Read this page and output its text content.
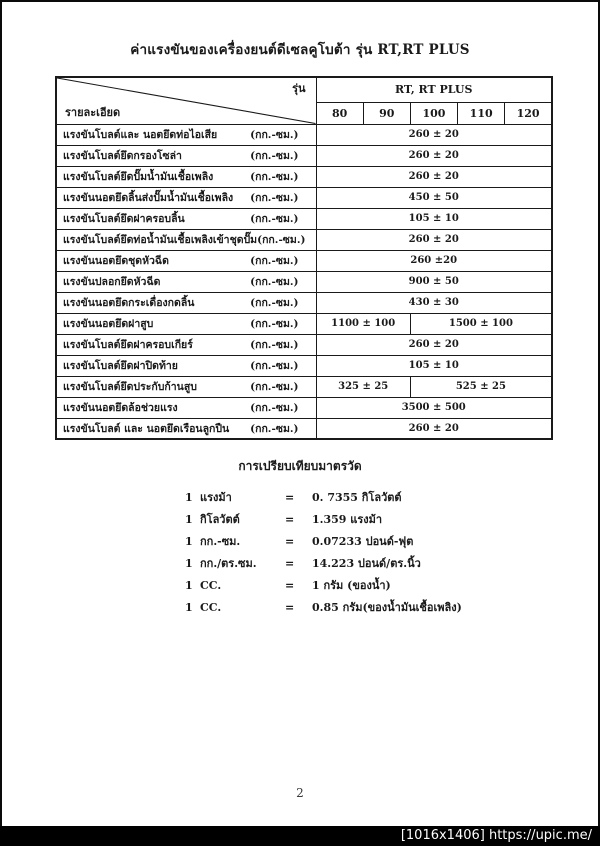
ค่าแรงขันของเครื่องยนต์ดีเซลคูโบต้า รุ่น RT,RT PLUS
รุ่น
รายละเอียด	RT, RT PLUS				
	80	90	100	110	120

แรงขันโบลต์และ นอตยึดท่อไอเสีย (กก.-ซม.)	260 ± 20				

แรงขันโบลต์ยึดกรองโซล่า (กก.-ซม.)	260 ± 20				

แรงขันโบลต์ยึดปั๊มน้ำมันเชื้อเพลิง (กก.-ซม.)	260 ± 20				

แรงขันนอตยึดลิ้นส่งปั๊มน้ำมันเชื้อเพลิง (กก.-ซม.)	450 ± 50				

แรงขันโบลต์ยึดฝาครอบลิ้น (กก.-ซม.)	105 ± 10				

แรงขันโบลต์ยึดท่อน้ำมันเชื้อเพลิงเข้าชุดปั๊ม (กก.-ซม.)	260 ± 20				

แรงขันนอตยึดชุดหัวฉีด (กก.-ซม.)	260 ±20				

แรงขันปลอกยึดหัวฉีด (กก.-ซม.)	900 ± 50				

แรงขันนอตยึดกระเดื่องกดลิ้น (กก.-ซม.)	430 ± 30				

แรงขันนอตยึดฝาสูบ (กก.-ซม.)	1100 ± 100		1500 ± 100		

แรงขันโบลต์ยึดฝาครอบเกียร์ (กก.-ซม.)	260 ± 20				

แรงขันโบลต์ยึดฝาปิดท้าย (กก.-ซม.)	105 ± 10				

แรงขันโบลต์ยึดประกับก้านสูบ (กก.-ซม.)	325 ± 25		525 ± 25		

แรงขันนอตยึดล้อช่วยแรง (กก.-ซม.)	3500 ± 500				

แรงขันโบลต์ และ นอตยึดเรือนลูกปืน (กก.-ซม.)	260 ± 20				
การเปรียบเทียบมาตรวัด
1 แรงม้า	=	0. 7355 กิโลวัตต์
1 กิโลวัตต์	=	1.359 แรงม้า
1 กก.-ซม.	=	0.07233 ปอนด์-ฟุต
1 กก./ตร.ซม.	=	14.223 ปอนด์/ตร.นิ้ว
1 CC.	=	1 กรัม (ของน้ำ)
1 CC.	=	0.85 กรัม(ของน้ำมันเชื้อเพลิง)
2
[1016x1406] https://upic.me/
